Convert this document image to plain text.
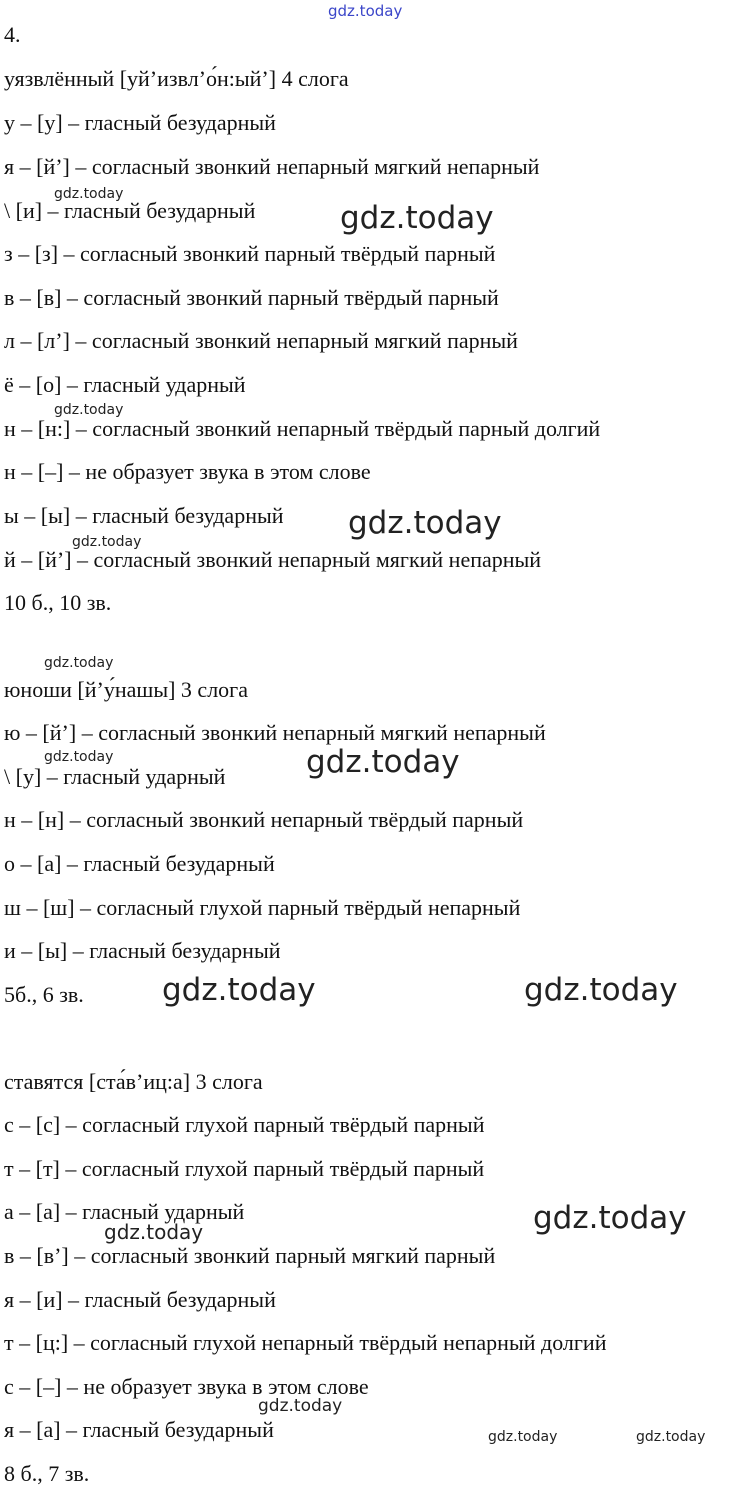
4.
уязвлённый [уй’извл’о́н:ый’] 4 слога
у – [у] – гласный безударный
я – [й’] – согласный звонкий непарный мягкий непарный
\ [и] – гласный безударный
з – [з] – согласный звонкий парный твёрдый парный
в – [в] – согласный звонкий парный твёрдый парный
л – [л’] – согласный звонкий непарный мягкий парный
ё – [о] – гласный ударный
н – [н:] – согласный звонкий непарный твёрдый парный долгий
н – [–] – не образует звука в этом слове
ы – [ы] – гласный безударный
й – [й’] – согласный звонкий непарный мягкий непарный
10 б., 10 зв.
юноши [й’у́нашы] 3 слога
ю – [й’] – согласный звонкий непарный мягкий непарный
\ [у] – гласный ударный
н – [н] – согласный звонкий непарный твёрдый парный
о – [а] – гласный безударный
ш – [ш] – согласный глухой парный твёрдый непарный
и – [ы] – гласный безударный
5б., 6 зв.
ставятся [ста́в’иц:а] 3 слога
с – [с] – согласный глухой парный твёрдый парный
т – [т] – согласный глухой парный твёрдый парный
а – [а] – гласный ударный
в – [в’] – согласный звонкий парный мягкий парный
я – [и] – гласный безударный
т – [ц:] – согласный глухой непарный твёрдый непарный долгий
с – [–] – не образует звука в этом слове
я – [а] – гласный безударный
8 б., 7 зв.
gdz.today
gdz.today
gdz.today
gdz.today
gdz.today
gdz.today
gdz.today
gdz.today	gdz.today
gdz.today	gdz.today
gdz.today
gdz.today
gdz.today
gdz.today	gdz.today
